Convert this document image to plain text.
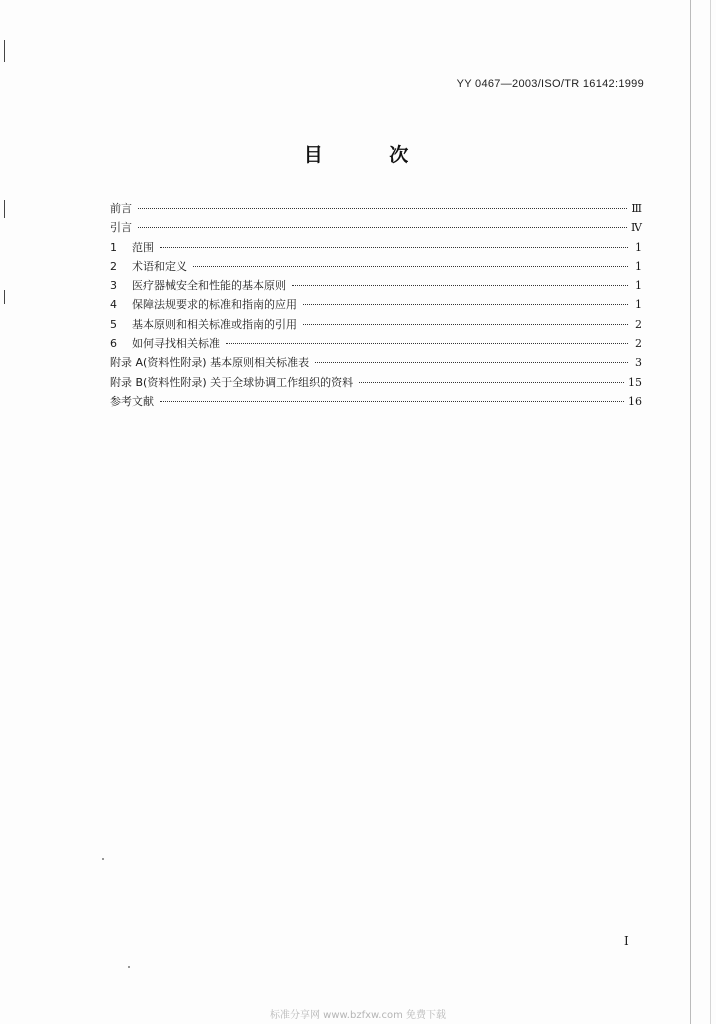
YY 0467—2003/ISO/TR 16142:1999
目 次
前言	Ⅲ
引言	Ⅳ
1	范围	1
2	术语和定义	1
3	医疗器械安全和性能的基本原则	1
4	保障法规要求的标准和指南的应用	1
5	基本原则和相关标准或指南的引用	2
6	如何寻找相关标准	2
附录 A(资料性附录) 基本原则相关标准表	3
附录 B(资料性附录) 关于全球协调工作组织的资料	15
参考文献	16
Ⅰ
标准分享网 www.bzfxw.com 免费下载
